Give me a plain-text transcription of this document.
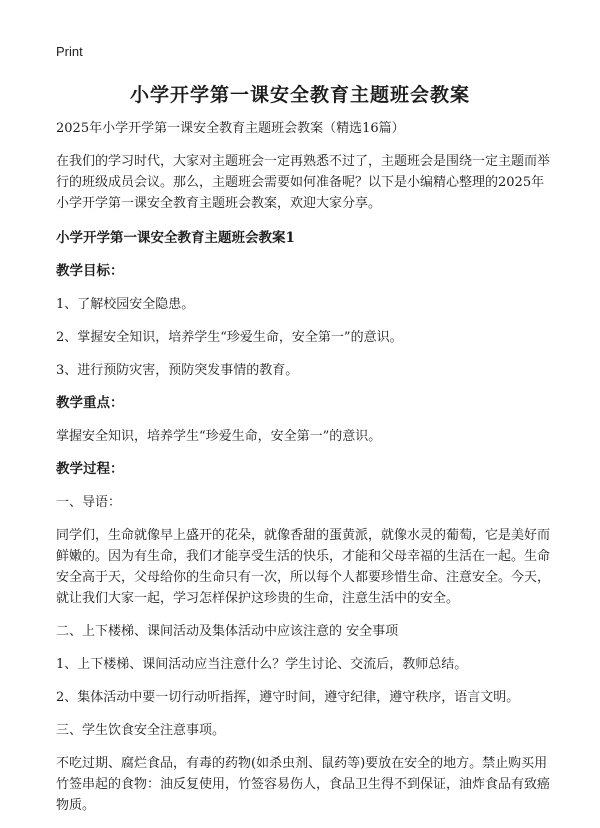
Print
小学开学第一课安全教育主题班会教案

2025年小学开学第一课安全教育主题班会教案（精选16篇）

在我们的学习时代，大家对主题班会一定再熟悉不过了，主题班会是围绕一定主题而举行的班级成员会议。那么，主题班会需要如何准备呢？以下是小编精心整理的2025年小学开学第一课安全教育主题班会教案，欢迎大家分享。

小学开学第一课安全教育主题班会教案1

教学目标：

1、了解校园安全隐患。

2、掌握安全知识，培养学生“珍爱生命，安全第一”的意识。

3、进行预防灾害，预防突发事情的教育。

教学重点：

掌握安全知识，培养学生“珍爱生命，安全第一”的意识。

教学过程：

一、导语：

同学们，生命就像早上盛开的花朵，就像香甜的蛋黄派，就像水灵的葡萄，它是美好而鲜嫩的。因为有生命，我们才能享受生活的快乐，才能和父母幸福的生活在一起。生命安全高于天，父母给你的生命只有一次，所以每个人都要珍惜生命、注意安全。今天，就让我们大家一起，学习怎样保护这珍贵的生命，注意生活中的安全。

二、上下楼梯、课间活动及集体活动中应该注意的 安全事项

1、上下楼梯、课间活动应当注意什么？学生讨论、交流后，教师总结。

2、集体活动中要一切行动听指挥，遵守时间，遵守纪律，遵守秩序，语言文明。

三、学生饮食安全注意事项。

不吃过期、腐烂食品，有毒的药物(如杀虫剂、鼠药等)要放在安全的地方。禁止购买用竹签串起的食物：油反复使用，竹签容易伤人，食品卫生得不到保证，油炸食品有致癌物质。
